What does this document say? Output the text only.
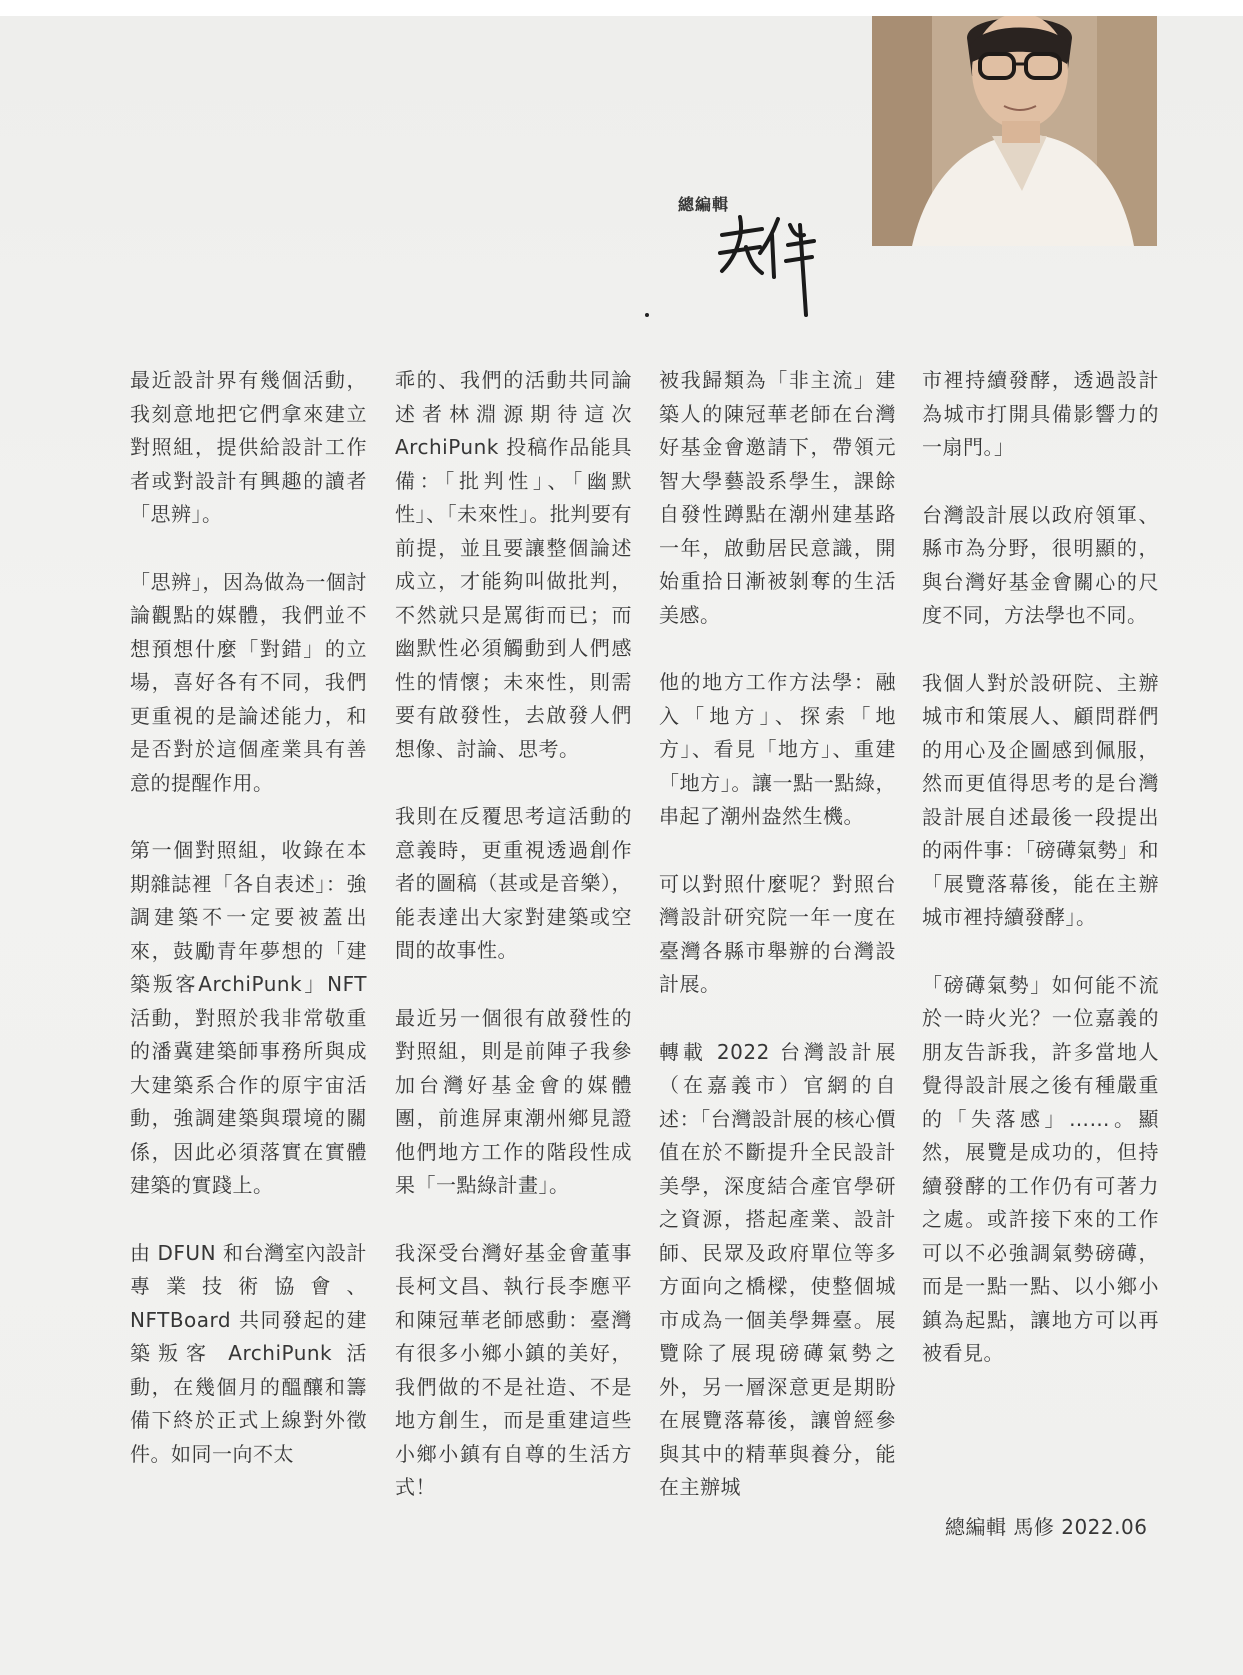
總編輯

最近設計界有幾個活動，我刻意地把它們拿來建立對照組，提供給設計工作者或對設計有興趣的讀者「思辨」。

「思辨」，因為做為一個討論觀點的媒體，我們並不想預想什麼「對錯」的立場，喜好各有不同，我們更重視的是論述能力，和是否對於這個產業具有善意的提醒作用。

第一個對照組，收錄在本期雜誌裡「各自表述」：強調建築不一定要被蓋出來，鼓勵青年夢想的「建築叛客ArchiPunk」NFT 活動，對照於我非常敬重的潘冀建築師事務所與成大建築系合作的原宇宙活動，強調建築與環境的關係，因此必須落實在實體建築的實踐上。

由 DFUN 和台灣室內設計專業技術協會、NFTBoard 共同發起的建築叛客 ArchiPunk 活動，在幾個月的醞釀和籌備下終於正式上線對外徵件。如同一向不太

乖的、我們的活動共同論述者林淵源期待這次ArchiPunk 投稿作品能具備：「批判性」、「幽默性」、「未來性」。批判要有前提，並且要讓整個論述成立，才能夠叫做批判，不然就只是罵街而已；而幽默性必須觸動到人們感性的情懷；未來性，則需要有啟發性，去啟發人們想像、討論、思考。

我則在反覆思考這活動的意義時，更重視透過創作者的圖稿（甚或是音樂），能表達出大家對建築或空間的故事性。

最近另一個很有啟發性的對照組，則是前陣子我參加台灣好基金會的媒體團，前進屏東潮州鄉見證他們地方工作的階段性成果「一點綠計畫」。

我深受台灣好基金會董事長柯文昌、執行長李應平和陳冠華老師感動：臺灣有很多小鄉小鎮的美好，我們做的不是社造、不是地方創生，而是重建這些小鄉小鎮有自尊的生活方式！

被我歸類為「非主流」建築人的陳冠華老師在台灣好基金會邀請下，帶領元智大學藝設系學生，課餘自發性蹲點在潮州建基路一年，啟動居民意識，開始重拾日漸被剝奪的生活美感。

他的地方工作方法學：融入「地方」、探索「地方」、看見「地方」、重建「地方」。讓一點一點綠，串起了潮州盎然生機。

可以對照什麼呢？對照台灣設計研究院一年一度在臺灣各縣市舉辦的台灣設計展。

轉載 2022 台灣設計展（在嘉義市）官網的自述：「台灣設計展的核心價值在於不斷提升全民設計美學，深度結合產官學研之資源，搭起產業、設計師、民眾及政府單位等多方面向之橋樑，使整個城市成為一個美學舞臺。展覽除了展現磅礡氣勢之外，另一層深意更是期盼在展覽落幕後，讓曾經參與其中的精華與養分，能在主辦城

市裡持續發酵，透過設計為城市打開具備影響力的一扇門。」

台灣設計展以政府領軍、縣市為分野，很明顯的，與台灣好基金會關心的尺度不同，方法學也不同。

我個人對於設研院、主辦城市和策展人、顧問群們的用心及企圖感到佩服，然而更值得思考的是台灣設計展自述最後一段提出的兩件事：「磅礡氣勢」和「展覽落幕後，能在主辦城市裡持續發酵」。

「磅礡氣勢」如何能不流於一時火光？一位嘉義的朋友告訴我，許多當地人覺得設計展之後有種嚴重的「失落感」……。顯然，展覽是成功的，但持續發酵的工作仍有可著力之處。或許接下來的工作可以不必強調氣勢磅礡，而是一點一點、以小鄉小鎮為起點，讓地方可以再被看見。

總編輯 馬修 2022.06
